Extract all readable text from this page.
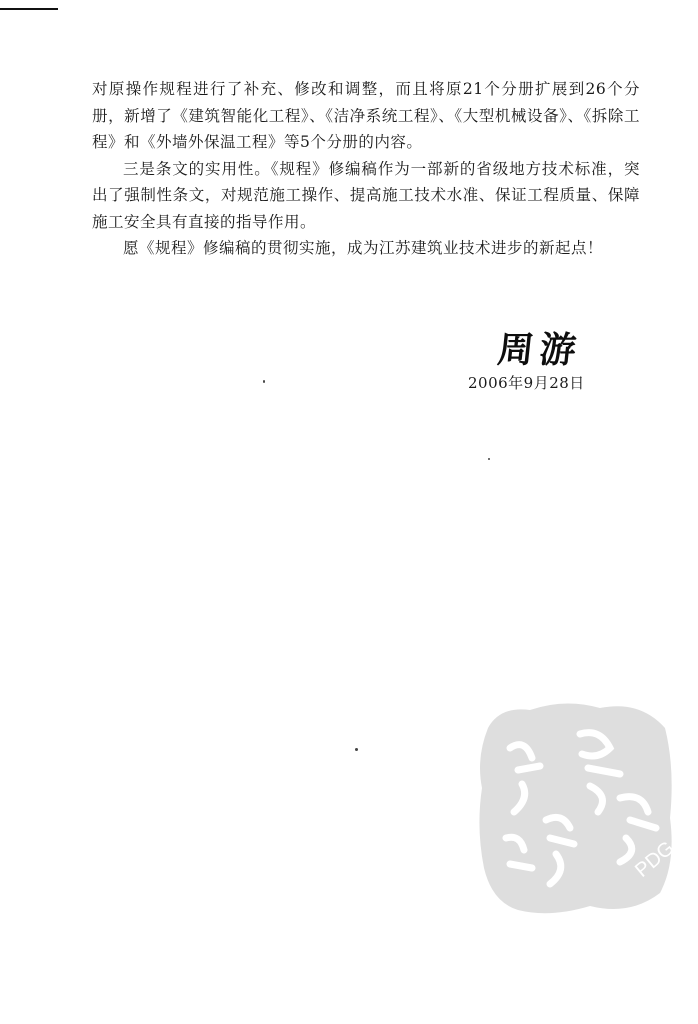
对原操作规程进行了补充、修改和调整，而且将原21个分册扩展到26个分册，新增了《建筑智能化工程》、《洁净系统工程》、《大型机械设备》、《拆除工程》和《外墙外保温工程》等5个分册的内容。

三是条文的实用性。《规程》修编稿作为一部新的省级地方技术标准，突出了强制性条文，对规范施工操作、提高施工技术水准、保证工程质量、保障施工安全具有直接的指导作用。

愿《规程》修编稿的贯彻实施，成为江苏建筑业技术进步的新起点！

周游
2006年9月28日
PDG
